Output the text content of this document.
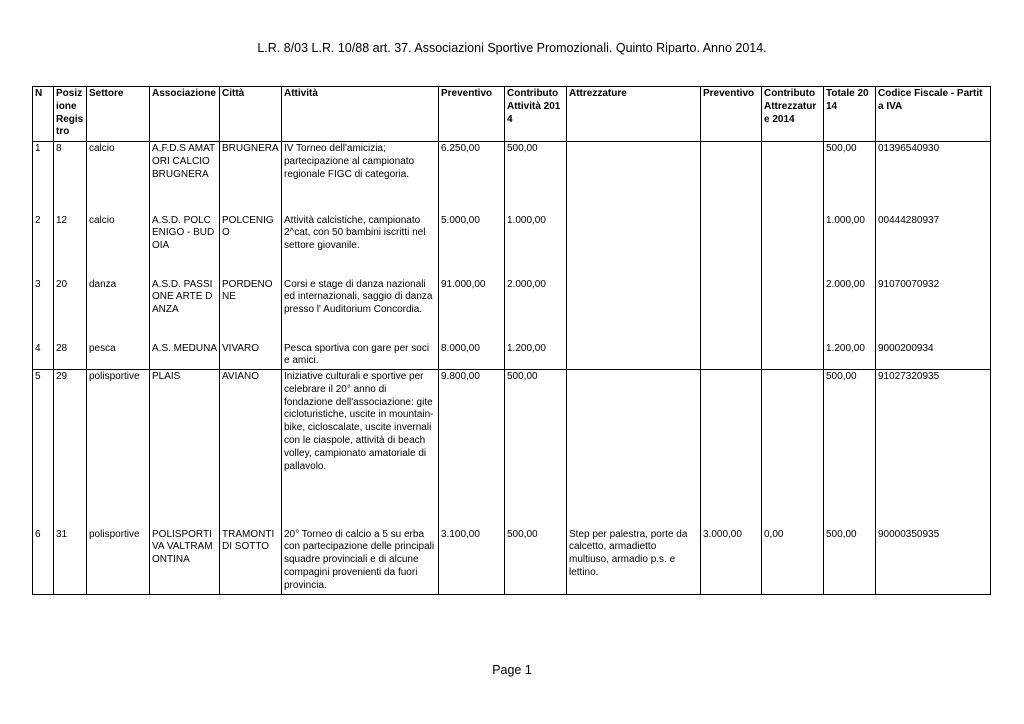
L.R. 8/03 L.R. 10/88 art. 37. Associazioni Sportive Promozionali. Quinto Riparto. Anno 2014.
N	Posizione Registro	Settore	Associazione	Città	Attività	Preventivo	Contributo Attività 2014	Attrezzature	Preventivo	Contributo Attrezzature 2014	Totale 2014	Codice Fiscale - Partita IVA
1	8	calcio	A.F.D.S AMATORI CALCIO BRUGNERA	BRUGNERA	IV Torneo dell'amicizia; partecipazione al campionato regionale FIGC di categoria.	6.250,00	500,00				500,00	01396540930
2	12	calcio	A.S.D. POLCENIGO - BUDOIA	POLCENIGO	Attività calcistiche, campionato 2^cat, con 50 bambini iscritti nel settore giovanile.	5.000,00	1.000,00				1.000,00	00444280937
3	20	danza	A.S.D. PASSIONE ARTE DANZA	PORDENONE	Corsi e stage di danza nazionali ed internazionali, saggio di danza presso l' Auditorium Concordia.	91.000,00	2.000,00				2.000,00	91070070932
4	28	pesca	A.S. MEDUNA	VIVARO	Pesca sportiva con gare per soci e amici.	8.000,00	1.200,00				1.200,00	9000200934
5	29	polisportive	PLAIS	AVIANO	Iniziative culturali e sportive per celebrare il 20° anno di fondazione dell'associazione: gite cicloturistiche, uscite in mountain-bike, cicloscalate, uscite invernali con le ciaspole, attività di beach volley, campionato amatoriale di pallavolo.	9.800,00	500,00				500,00	91027320935
6	31	polisportive	POLISPORTIVA VALTRAMONTINA	TRAMONTI DI SOTTO	20° Torneo di calcio a 5 su erba con partecipazione delle principali squadre provinciali e di alcune compagini provenienti da fuori provincia.	3.100,00	500,00	Step per palestra, porte da calcetto, armadietto multiuso, armadio p.s. e lettino.	3.000,00	0,00	500,00	90000350935
Page 1
